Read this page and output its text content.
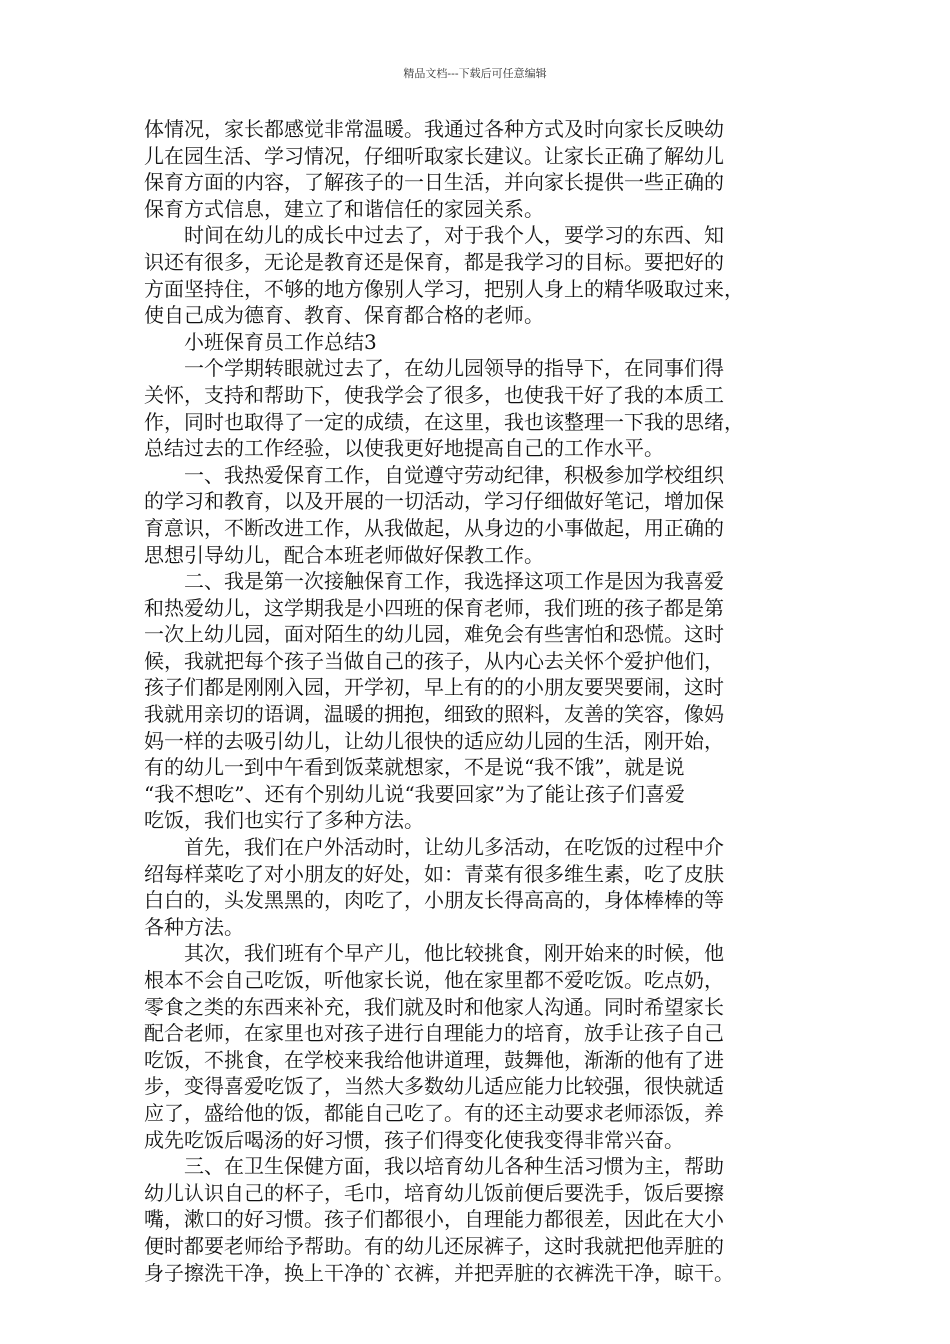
精品文档---下载后可任意编辑
体情况，家长都感觉非常温暖。我通过各种方式及时向家长反映幼
儿在园生活、学习情况，仔细听取家长建议。让家长正确了解幼儿
保育方面的内容，了解孩子的一日生活，并向家长提供一些正确的
保育方式信息，建立了和谐信任的家园关系。
时间在幼儿的成长中过去了，对于我个人，要学习的东西、知
识还有很多，无论是教育还是保育，都是我学习的目标。要把好的
方面坚持住，不够的地方像别人学习，把别人身上的精华吸取过来，
使自己成为德育、教育、保育都合格的老师。
小班保育员工作总结3
一个学期转眼就过去了，在幼儿园领导的指导下，在同事们得
关怀，支持和帮助下，使我学会了很多，也使我干好了我的本质工
作，同时也取得了一定的成绩，在这里，我也该整理一下我的思绪，
总结过去的工作经验，以使我更好地提高自己的工作水平。
一、我热爱保育工作，自觉遵守劳动纪律，积极参加学校组织
的学习和教育，以及开展的一切活动，学习仔细做好笔记，增加保
育意识，不断改进工作，从我做起，从身边的小事做起，用正确的
思想引导幼儿，配合本班老师做好保教工作。
二、我是第一次接触保育工作，我选择这项工作是因为我喜爱
和热爱幼儿，这学期我是小四班的保育老师，我们班的孩子都是第
一次上幼儿园，面对陌生的幼儿园，难免会有些害怕和恐慌。这时
候，我就把每个孩子当做自己的孩子，从内心去关怀个爱护他们，
孩子们都是刚刚入园，开学初，早上有的的小朋友要哭要闹，这时
我就用亲切的语调，温暖的拥抱，细致的照料，友善的笑容，像妈
妈一样的去吸引幼儿，让幼儿很快的适应幼儿园的生活，刚开始，
有的幼儿一到中午看到饭菜就想家，不是说“我不饿”，就是说
“我不想吃”、还有个别幼儿说“我要回家”为了能让孩子们喜爱
吃饭，我们也实行了多种方法。
首先，我们在户外活动时，让幼儿多活动，在吃饭的过程中介
绍每样菜吃了对小朋友的好处，如：青菜有很多维生素，吃了皮肤
白白的，头发黑黑的，肉吃了，小朋友长得高高的，身体棒棒的等
各种方法。
其次，我们班有个早产儿，他比较挑食，刚开始来的时候，他
根本不会自己吃饭，听他家长说，他在家里都不爱吃饭。吃点奶，
零食之类的东西来补充，我们就及时和他家人沟通。同时希望家长
配合老师，在家里也对孩子进行自理能力的培育，放手让孩子自己
吃饭，不挑食，在学校来我给他讲道理，鼓舞他，渐渐的他有了进
步，变得喜爱吃饭了，当然大多数幼儿适应能力比较强，很快就适
应了，盛给他的饭，都能自己吃了。有的还主动要求老师添饭，养
成先吃饭后喝汤的好习惯，孩子们得变化使我变得非常兴奋。
三、在卫生保健方面，我以培育幼儿各种生活习惯为主，帮助
幼儿认识自己的杯子，毛巾，培育幼儿饭前便后要洗手，饭后要擦
嘴，漱口的好习惯。孩子们都很小，自理能力都很差，因此在大小
便时都要老师给予帮助。有的幼儿还尿裤子，这时我就把他弄脏的
身子擦洗干净，换上干净的`衣裤，并把弄脏的衣裤洗干净，晾干。
